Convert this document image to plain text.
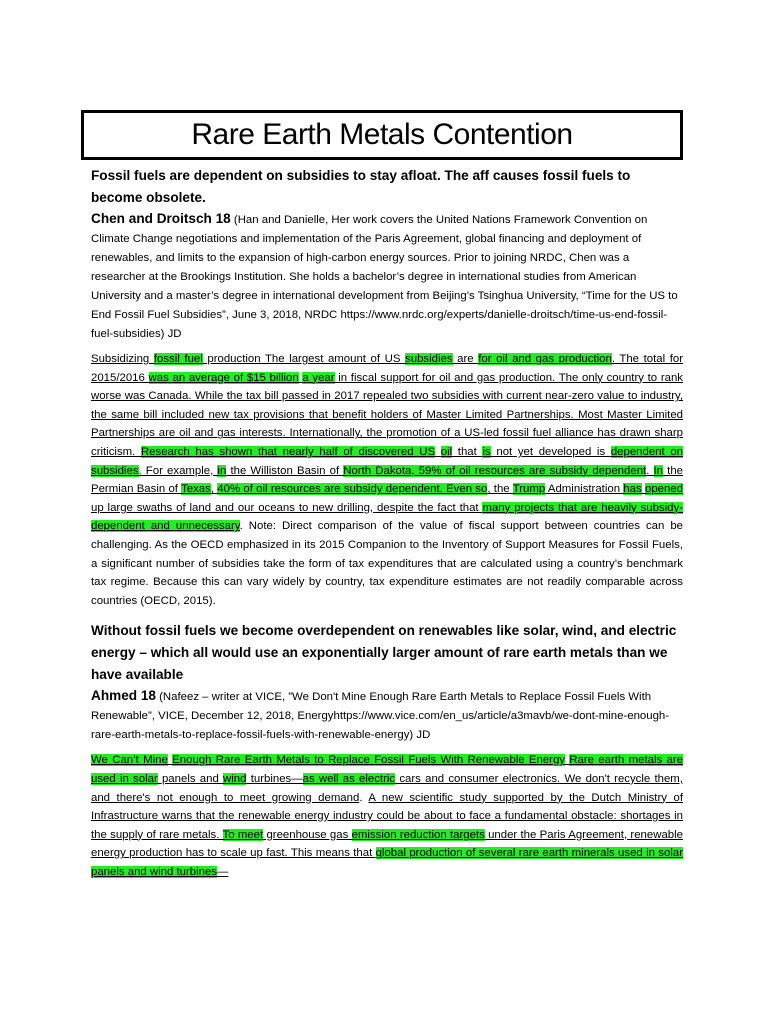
Rare Earth Metals Contention

Fossil fuels are dependent on subsidies to stay afloat. The aff causes fossil fuels to become obsolete.

Chen and Droitsch 18 (Han and Danielle, Her work covers the United Nations Framework Convention on Climate Change negotiations and implementation of the Paris Agreement, global financing and deployment of renewables, and limits to the expansion of high-carbon energy sources. Prior to joining NRDC, Chen was a researcher at the Brookings Institution. She holds a bachelor’s degree in international studies from American University and a master’s degree in international development from Beijing’s Tsinghua University, “Time for the US to End Fossil Fuel Subsidies”, June 3, 2018, NRDC https://www.nrdc.org/experts/danielle-droitsch/time-us-end-fossil-fuel-subsidies) JD

Subsidizing fossil fuel production The largest amount of US subsidies are for oil and gas production. The total for 2015/2016 was an average of $15 billion a year in fiscal support for oil and gas production. The only country to rank worse was Canada. While the tax bill passed in 2017 repealed two subsidies with current near-zero value to industry, the same bill included new tax provisions that benefit holders of Master Limited Partnerships. Most Master Limited Partnerships are oil and gas interests. Internationally, the promotion of a US-led fossil fuel alliance has drawn sharp criticism. Research has shown that nearly half of discovered US oil that is not yet developed is dependent on subsidies. For example, in the Williston Basin of North Dakota, 59% of oil resources are subsidy dependent. In the Permian Basin of Texas, 40% of oil resources are subsidy dependent. Even so, the Trump Administration has opened up large swaths of land and our oceans to new drilling, despite the fact that many projects that are heavily subsidy-dependent and unnecessary. Note: Direct comparison of the value of fiscal support between countries can be challenging. As the OECD emphasized in its 2015 Companion to the Inventory of Support Measures for Fossil Fuels, a significant number of subsidies take the form of tax expenditures that are calculated using a country’s benchmark tax regime. Because this can vary widely by country, tax expenditure estimates are not readily comparable across countries (OECD, 2015).

Without fossil fuels we become overdependent on renewables like solar, wind, and electric energy – which all would use an exponentially larger amount of rare earth metals than we have available

Ahmed 18 (Nafeez – writer at VICE, ”We Don't Mine Enough Rare Earth Metals to Replace Fossil Fuels With Renewable”, VICE, December 12, 2018, Energyhttps://www.vice.com/en_us/article/a3mavb/we-dont-mine-enough-rare-earth-metals-to-replace-fossil-fuels-with-renewable-energy) JD

We Can’t Mine Enough Rare Earth Metals to Replace Fossil Fuels With Renewable Energy Rare earth metals are used in solar panels and wind turbines—as well as electric cars and consumer electronics. We don't recycle them, and there's not enough to meet growing demand. A new scientific study supported by the Dutch Ministry of Infrastructure warns that the renewable energy industry could be about to face a fundamental obstacle: shortages in the supply of rare metals. To meet greenhouse gas emission reduction targets under the Paris Agreement, renewable energy production has to scale up fast. This means that global production of several rare earth minerals used in solar panels and wind turbines—
